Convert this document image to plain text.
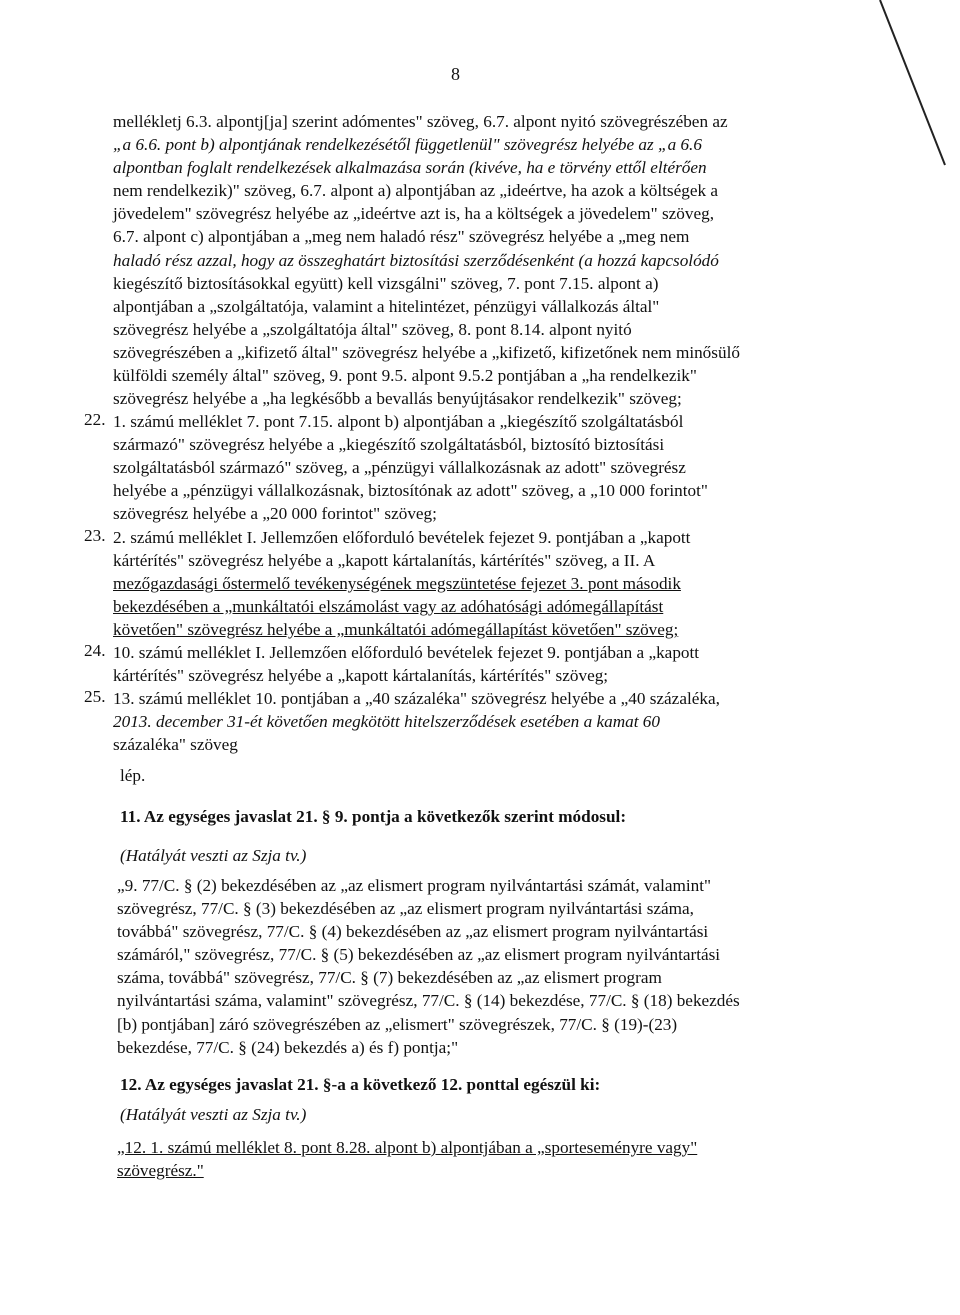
8
mellékletj 6.3. alpontj[ja] szerint adómentes" szöveg, 6.7. alpont nyitó szövegrészében az
„a 6.6. pont b) alpontjának rendelkezésétől függetlenül" szövegrész helyébe az „a 6.6
alpontban foglalt rendelkezések alkalmazása során (kivéve, ha e törvény ettől eltérően
nem rendelkezik)" szöveg, 6.7. alpont a) alpontjában az „ideértve, ha azok a költségek a
jövedelem" szövegrész helyébe az „ideértve azt is, ha a költségek a jövedelem" szöveg,
6.7. alpont c) alpontjában a „meg nem haladó rész" szövegrész helyébe a „meg nem
haladó rész azzal, hogy az összeghatárt biztosítási szerződésenként (a hozzá kapcsolódó
kiegészítő biztosításokkal együtt) kell vizsgálni" szöveg, 7. pont 7.15. alpont a)
alpontjában a „szolgáltatója, valamint a hitelintézet, pénzügyi vállalkozás által"
szövegrész helyébe a „szolgáltatója által" szöveg, 8. pont 8.14. alpont nyitó
szövegrészében a „kifizető által" szövegrész helyébe a „kifizető, kifizetőnek nem minősülő
külföldi személy által" szöveg, 9. pont 9.5. alpont 9.5.2 pontjában a „ha rendelkezik"
szövegrész helyébe a „ha legkésőbb a bevallás benyújtásakor rendelkezik" szöveg;
22. 1. számú melléklet 7. pont 7.15. alpont b) alpontjában a „kiegészítő szolgáltatásból
származó" szövegrész helyébe a „kiegészítő szolgáltatásból, biztosító biztosítási
szolgáltatásból származó" szöveg, a „pénzügyi vállalkozásnak az adott" szövegrész
helyébe a „pénzügyi vállalkozásnak, biztosítónak az adott" szöveg, a „10 000 forintot"
szövegrész helyébe a „20 000 forintot" szöveg;
23. 2. számú melléklet I. Jellemzően előforduló bevételek fejezet 9. pontjában a „kapott
kártérítés" szövegrész helyébe a „kapott kártalanítás, kártérítés" szöveg, a II. A
mezőgazdasági őstermelő tevékenységének megszüntetése fejezet 3. pont második
bekezdésében a „munkáltatói elszámolást vagy az adóhatósági adómegállapítást
követően" szövegrész helyébe a „munkáltatói adómegállapítást követően" szöveg;
24. 10. számú melléklet I. Jellemzően előforduló bevételek fejezet 9. pontjában a „kapott
kártérítés" szövegrész helyébe a „kapott kártalanítás, kártérítés" szöveg;
25. 13. számú melléklet 10. pontjában a „40 százaléka" szövegrész helyébe a „40 százaléka,
2013. december 31-ét követően megkötött hitelszerződések esetében a kamat 60
százaléka" szöveg
lép.
11. Az egységes javaslat 21. § 9. pontja a következők szerint módosul:
(Hatályát veszti az Szja tv.)
„9. 77/C. § (2) bekezdésében az „az elismert program nyilvántartási számát, valamint"
szövegrész, 77/C. § (3) bekezdésében az „az elismert program nyilvántartási száma,
továbbá" szövegrész, 77/C. § (4) bekezdésében az „az elismert program nyilvántartási
számáról," szövegrész, 77/C. § (5) bekezdésében az „az elismert program nyilvántartási
száma, továbbá" szövegrész, 77/C. § (7) bekezdésében az „az elismert program
nyilvántartási száma, valamint" szövegrész, 77/C. § (14) bekezdése, 77/C. § (18) bekezdés
[b) pontjában] záró szövegrészében az „elismert" szövegrészek, 77/C. § (19)-(23)
bekezdése, 77/C. § (24) bekezdés a) és f) pontja;"
12. Az egységes javaslat 21. §-a a következő 12. ponttal egészül ki:
(Hatályát veszti az Szja tv.)
„12. 1. számú melléklet 8. pont 8.28. alpont b) alpontjában a „sporteseményre vagy"
szövegrész."
